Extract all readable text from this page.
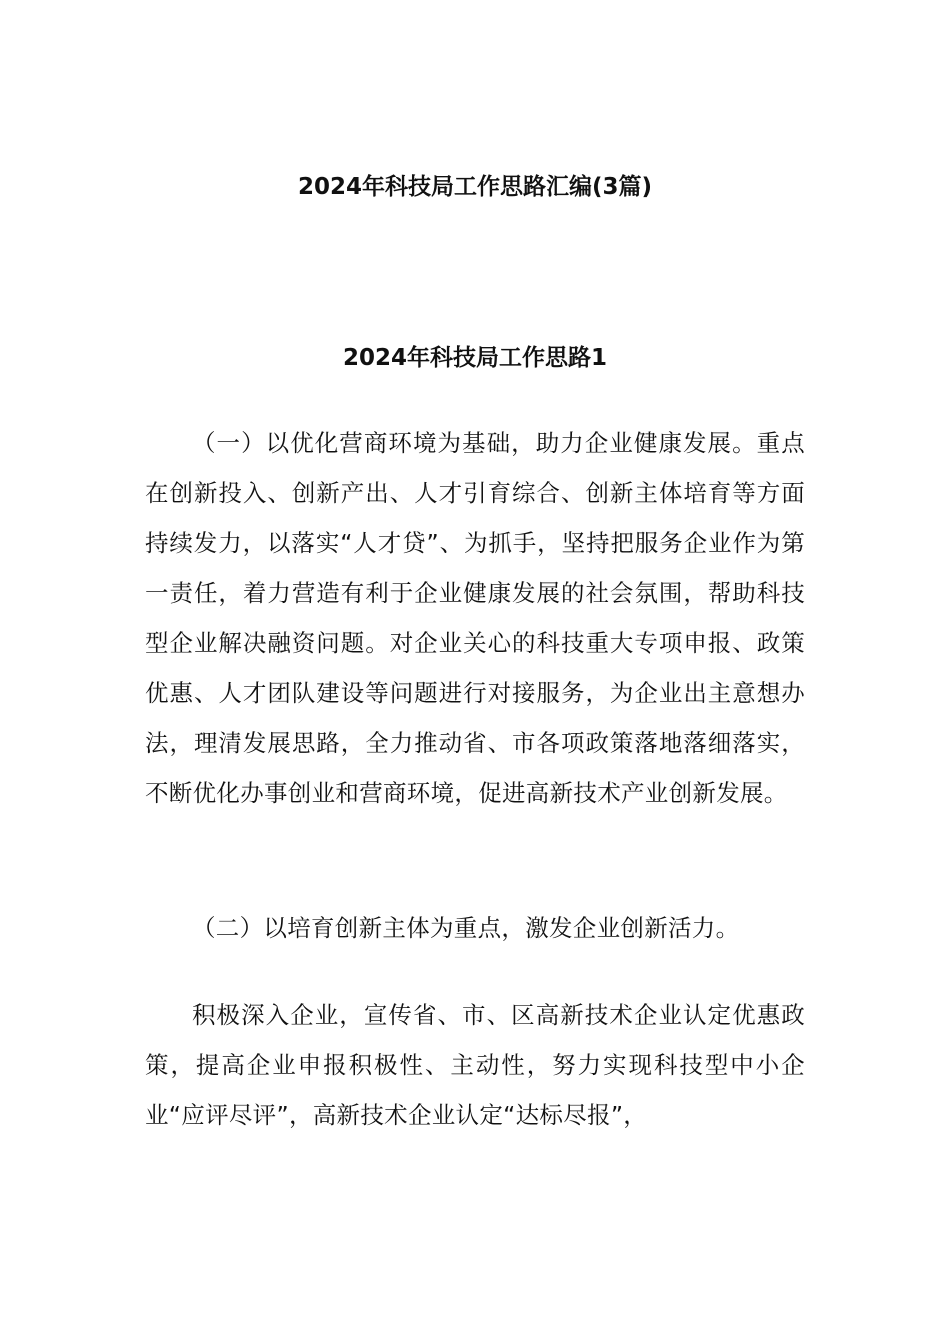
2024年科技局工作思路汇编(3篇)
2024年科技局工作思路1

（一）以优化营商环境为基础，助力企业健康发展。重点在创新投入、创新产出、人才引育综合、创新主体培育等方面持续发力，以落实“人才贷”、为抓手，坚持把服务企业作为第一责任，着力营造有利于企业健康发展的社会氛围，帮助科技型企业解决融资问题。对企业关心的科技重大专项申报、政策优惠、人才团队建设等问题进行对接服务，为企业出主意想办法，理清发展思路，全力推动省、市各项政策落地落细落实，不断优化办事创业和营商环境，促进高新技术产业创新发展。

（二）以培育创新主体为重点，激发企业创新活力。

积极深入企业，宣传省、市、区高新技术企业认定优惠政策，提高企业申报积极性、主动性，努力实现科技型中小企业“应评尽评”，高新技术企业认定“达标尽报”，
